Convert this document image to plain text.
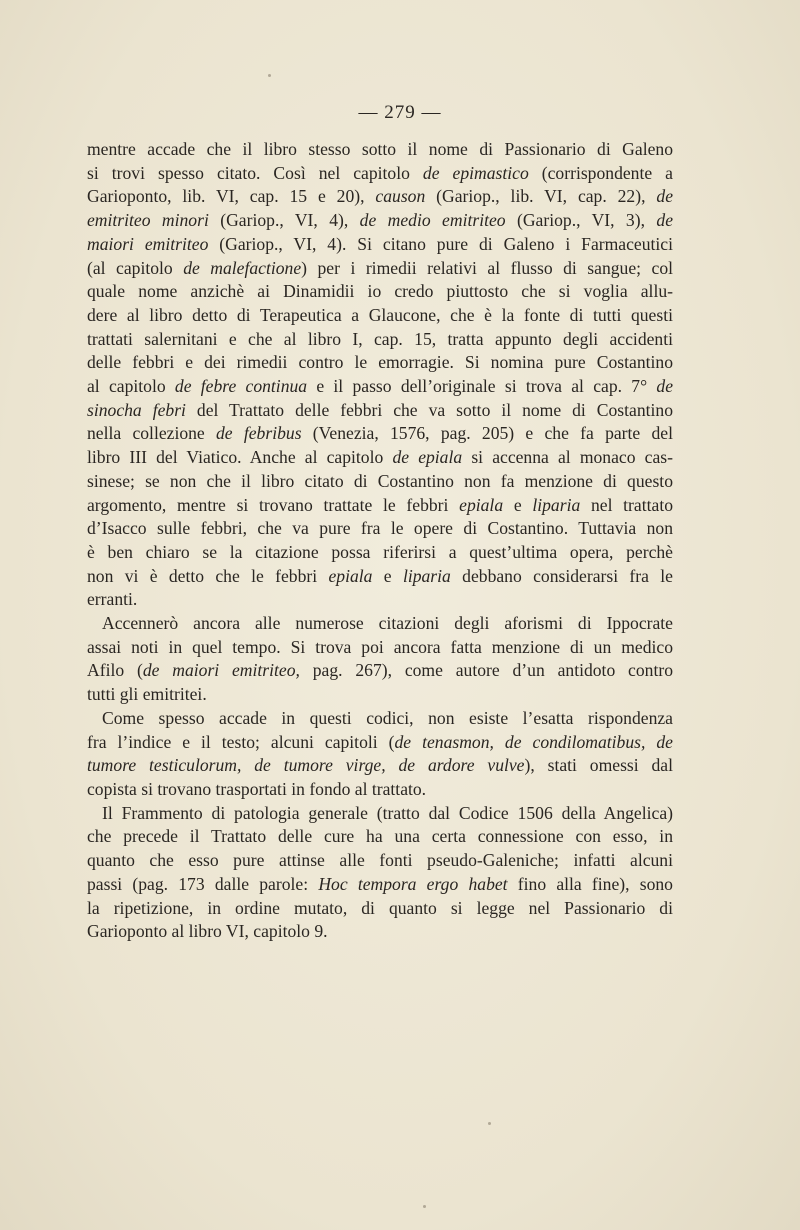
— 279 —
mentre accade che il libro stesso sotto il nome di Passionario di Galeno
si trovi spesso citato. Così nel capitolo de epimastico (corrispondente a
Garioponto, lib. VI, cap. 15 e 20), causon (Gariop., lib. VI, cap. 22), de
emitriteo minori (Gariop., VI, 4), de medio emitriteo (Gariop., VI, 3), de
maiori emitriteo (Gariop., VI, 4). Si citano pure di Galeno i Farmaceutici
(al capitolo de malefactione) per i rimedii relativi al flusso di sangue; col
quale nome anzichè ai Dinamidii io credo piuttosto che si voglia allu-
dere al libro detto di Terapeutica a Glaucone, che è la fonte di tutti questi
trattati salernitani e che al libro I, cap. 15, tratta appunto degli accidenti
delle febbri e dei rimedii contro le emorragie. Si nomina pure Costantino
al capitolo de febre continua e il passo dell’originale si trova al cap. 7° de
sinocha febri del Trattato delle febbri che va sotto il nome di Costantino
nella collezione de febribus (Venezia, 1576, pag. 205) e che fa parte del
libro III del Viatico. Anche al capitolo de epiala si accenna al monaco cas-
sinese; se non che il libro citato di Costantino non fa menzione di questo
argomento, mentre si trovano trattate le febbri epiala e liparia nel trattato
d’Isacco sulle febbri, che va pure fra le opere di Costantino. Tuttavia non
è ben chiaro se la citazione possa riferirsi a quest’ultima opera, perchè
non vi è detto che le febbri epiala e liparia debbano considerarsi fra le
erranti.
Accennerò ancora alle numerose citazioni degli aforismi di Ippocrate
assai noti in quel tempo. Si trova poi ancora fatta menzione di un medico
Afilo (de maiori emitriteo, pag. 267), come autore d’un antidoto contro
tutti gli emitritei.
Come spesso accade in questi codici, non esiste l’esatta rispondenza
fra l’indice e il testo; alcuni capitoli (de tenasmon, de condilomatibus, de
tumore testiculorum, de tumore virge, de ardore vulve), stati omessi dal
copista si trovano trasportati in fondo al trattato.
Il Frammento di patologia generale (tratto dal Codice 1506 della Angelica)
che precede il Trattato delle cure ha una certa connessione con esso, in
quanto che esso pure attinse alle fonti pseudo-Galeniche; infatti alcuni
passi (pag. 173 dalle parole: Hoc tempora ergo habet fino alla fine), sono
la ripetizione, in ordine mutato, di quanto si legge nel Passionario di
Garioponto al libro VI, capitolo 9.
